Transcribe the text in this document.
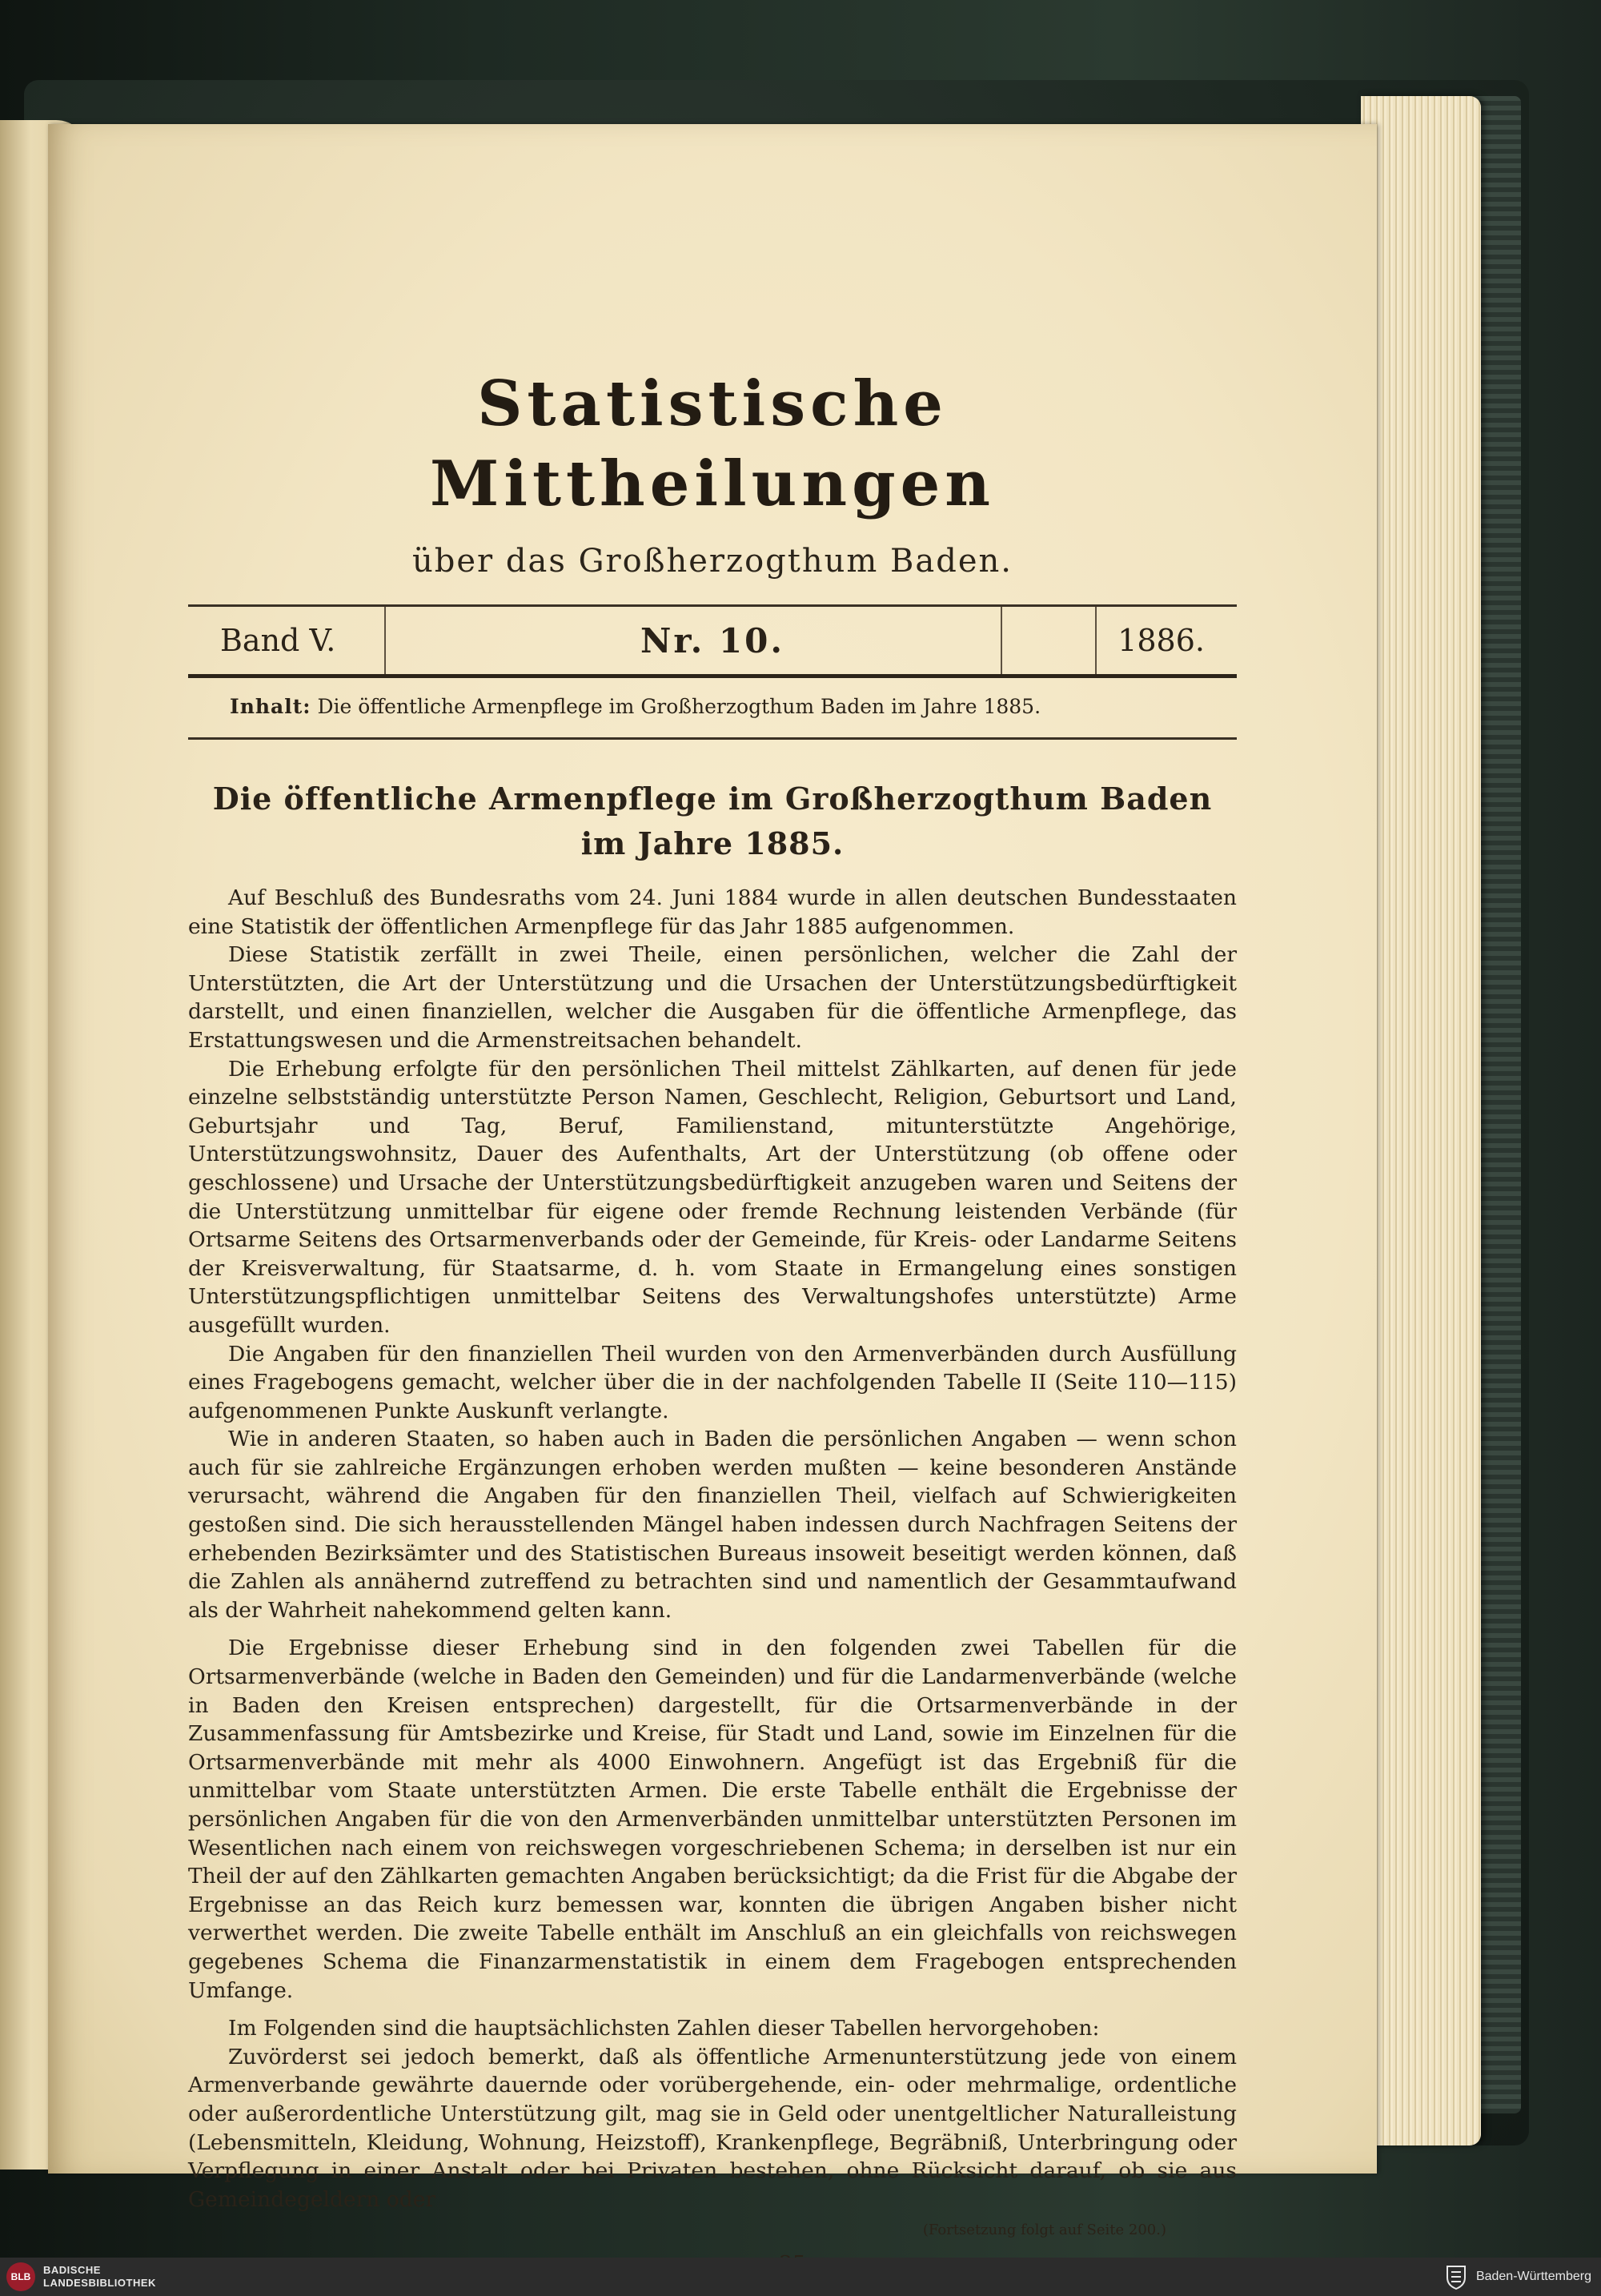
Statistische Mittheilungen
über das Großherzogthum Baden.
Band V.	Nr. 10.	1886.
Inhalt: Die öffentliche Armenpflege im Großherzogthum Baden im Jahre 1885.
Die öffentliche Armenpflege im Großherzogthum Baden im Jahre 1885.

Auf Beschluß des Bundesraths vom 24. Juni 1884 wurde in allen deutschen Bundesstaaten eine Statistik der öffentlichen Armenpflege für das Jahr 1885 aufgenommen.

Diese Statistik zerfällt in zwei Theile, einen persönlichen, welcher die Zahl der Unterstützten, die Art der Unterstützung und die Ursachen der Unterstützungsbedürftigkeit darstellt, und einen finanziellen, welcher die Ausgaben für die öffentliche Armenpflege, das Erstattungswesen und die Armenstreitsachen behandelt.

Die Erhebung erfolgte für den persönlichen Theil mittelst Zählkarten, auf denen für jede einzelne selbstständig unterstützte Person Namen, Geschlecht, Religion, Geburtsort und Land, Geburtsjahr und Tag, Beruf, Familienstand, mitunterstützte Angehörige, Unterstützungswohnsitz, Dauer des Aufenthalts, Art der Unterstützung (ob offene oder geschlossene) und Ursache der Unterstützungsbedürftigkeit anzugeben waren und Seitens der die Unterstützung unmittelbar für eigene oder fremde Rechnung leistenden Verbände (für Ortsarme Seitens des Ortsarmenverbands oder der Gemeinde, für Kreis- oder Landarme Seitens der Kreisverwaltung, für Staatsarme, d. h. vom Staate in Ermangelung eines sonstigen Unterstützungspflichtigen unmittelbar Seitens des Verwaltungshofes unterstützte) Arme ausgefüllt wurden.

Die Angaben für den finanziellen Theil wurden von den Armenverbänden durch Ausfüllung eines Fragebogens gemacht, welcher über die in der nachfolgenden Tabelle II (Seite 110—115) aufgenommenen Punkte Auskunft verlangte.

Wie in anderen Staaten, so haben auch in Baden die persönlichen Angaben — wenn schon auch für sie zahlreiche Ergänzungen erhoben werden mußten — keine besonderen Anstände verursacht, während die Angaben für den finanziellen Theil, vielfach auf Schwierigkeiten gestoßen sind. Die sich herausstellenden Mängel haben indessen durch Nachfragen Seitens der erhebenden Bezirksämter und des Statistischen Bureaus insoweit beseitigt werden können, daß die Zahlen als annähernd zutreffend zu betrachten sind und namentlich der Gesammtaufwand als der Wahrheit nahekommend gelten kann.

Die Ergebnisse dieser Erhebung sind in den folgenden zwei Tabellen für die Ortsarmenverbände (welche in Baden den Gemeinden) und für die Landarmenverbände (welche in Baden den Kreisen entsprechen) dargestellt, für die Ortsarmenverbände in der Zusammenfassung für Amtsbezirke und Kreise, für Stadt und Land, sowie im Einzelnen für die Ortsarmenverbände mit mehr als 4000 Einwohnern. Angefügt ist das Ergebniß für die unmittelbar vom Staate unterstützten Armen. Die erste Tabelle enthält die Ergebnisse der persönlichen Angaben für die von den Armenverbänden unmittelbar unterstützten Personen im Wesentlichen nach einem von reichswegen vorgeschriebenen Schema; in derselben ist nur ein Theil der auf den Zählkarten gemachten Angaben berücksichtigt; da die Frist für die Abgabe der Ergebnisse an das Reich kurz bemessen war, konnten die übrigen Angaben bisher nicht verwerthet werden. Die zweite Tabelle enthält im Anschluß an ein gleichfalls von reichswegen gegebenes Schema die Finanzarmenstatistik in einem dem Fragebogen entsprechenden Umfange.

Im Folgenden sind die hauptsächlichsten Zahlen dieser Tabellen hervorgehoben:

Zuvörderst sei jedoch bemerkt, daß als öffentliche Armenunterstützung jede von einem Armenverbande gewährte dauernde oder vorübergehende, ein- oder mehrmalige, ordentliche oder außerordentliche Unterstützung gilt, mag sie in Geld oder unentgeltlicher Naturalleistung (Lebensmitteln, Kleidung, Wohnung, Heizstoff), Krankenpflege, Begräbniß, Unterbringung oder Verpflegung in einer Anstalt oder bei Privaten bestehen, ohne Rücksicht darauf, ob sie aus Gemeindegeldern oder

(Fortsetzung folgt auf Seite 200.)
BLB
BADISCHE
LANDESBIBLIOTHEK	Baden-Württemberg
